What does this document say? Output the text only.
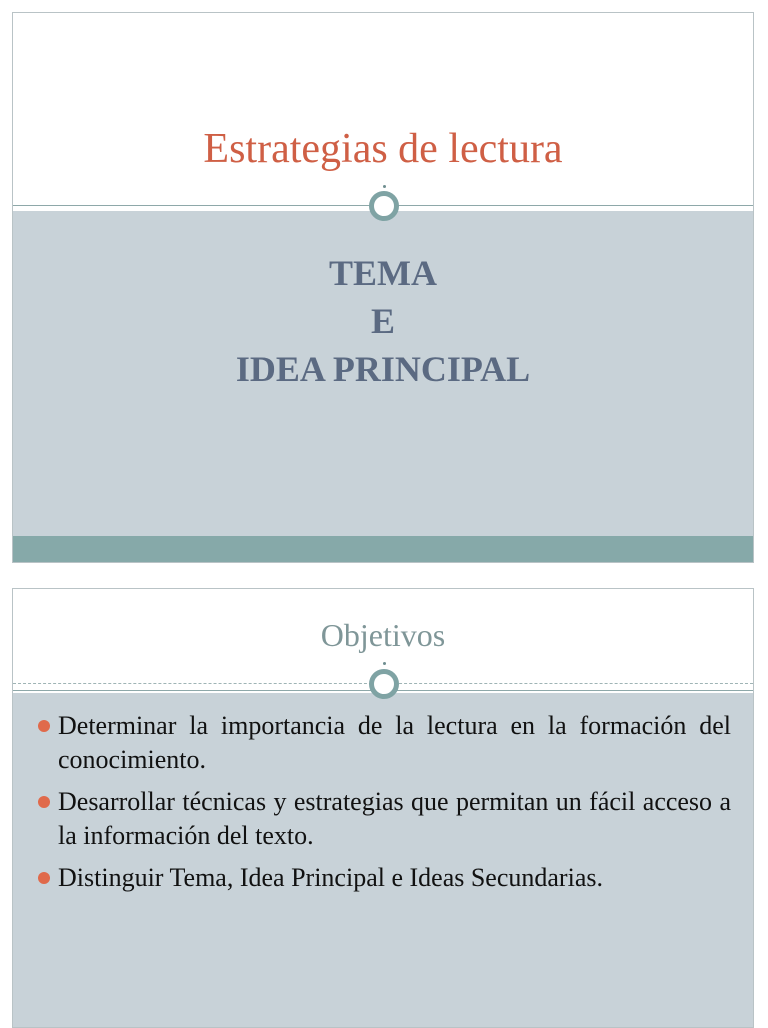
Estrategias de lectura
TEMA
E
IDEA PRINCIPAL
Objetivos
Determinar la importancia de la lectura en la formación del conocimiento.
Desarrollar técnicas y estrategias que permitan un fácil acceso a la información del texto.
Distinguir Tema, Idea Principal e Ideas Secundarias.
